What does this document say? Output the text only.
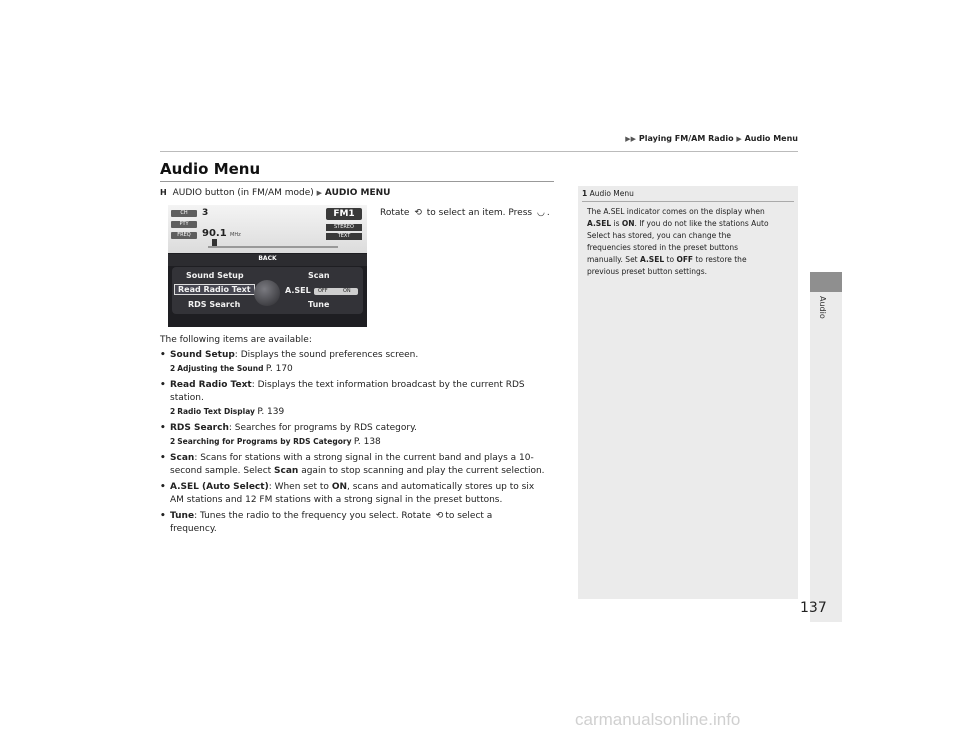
▶▶ Playing FM/AM Radio ▶ Audio Menu
Audio
137
Audio Menu
H AUDIO button (in FM/AM mode) ▶ AUDIO MENU
CH
PTY
FREQ
3
90.1 MHz
FM1
STEREO
TEXT
BACK
Sound Setup	Scan
Read Radio Text	A.SEL
RDS Search	Tune
OFF	ON
Rotate ⟲ to select an item. Press ◡ .
The following items are available:
• Sound Setup: Displays the sound preferences screen.
2 Adjusting the Sound P. 170
• Read Radio Text: Displays the text information broadcast by the current RDS
station.
2 Radio Text Display P. 139
• RDS Search: Searches for programs by RDS category.
2 Searching for Programs by RDS Category P. 138
• Scan: Scans for stations with a strong signal in the current band and plays a 10-
second sample. Select Scan again to stop scanning and play the current selection.
• A.SEL (Auto Select): When set to ON, scans and automatically stores up to six
AM stations and 12 FM stations with a strong signal in the preset buttons.
• Tune: Tunes the radio to the frequency you select. Rotate ⟲ to select a
frequency.
1 Audio Menu
The A.SEL indicator comes on the display when
A.SEL is ON. If you do not like the stations Auto
Select has stored, you can change the
frequencies stored in the preset buttons
manually. Set A.SEL to OFF to restore the
previous preset button settings.
carmanualsonline.info
